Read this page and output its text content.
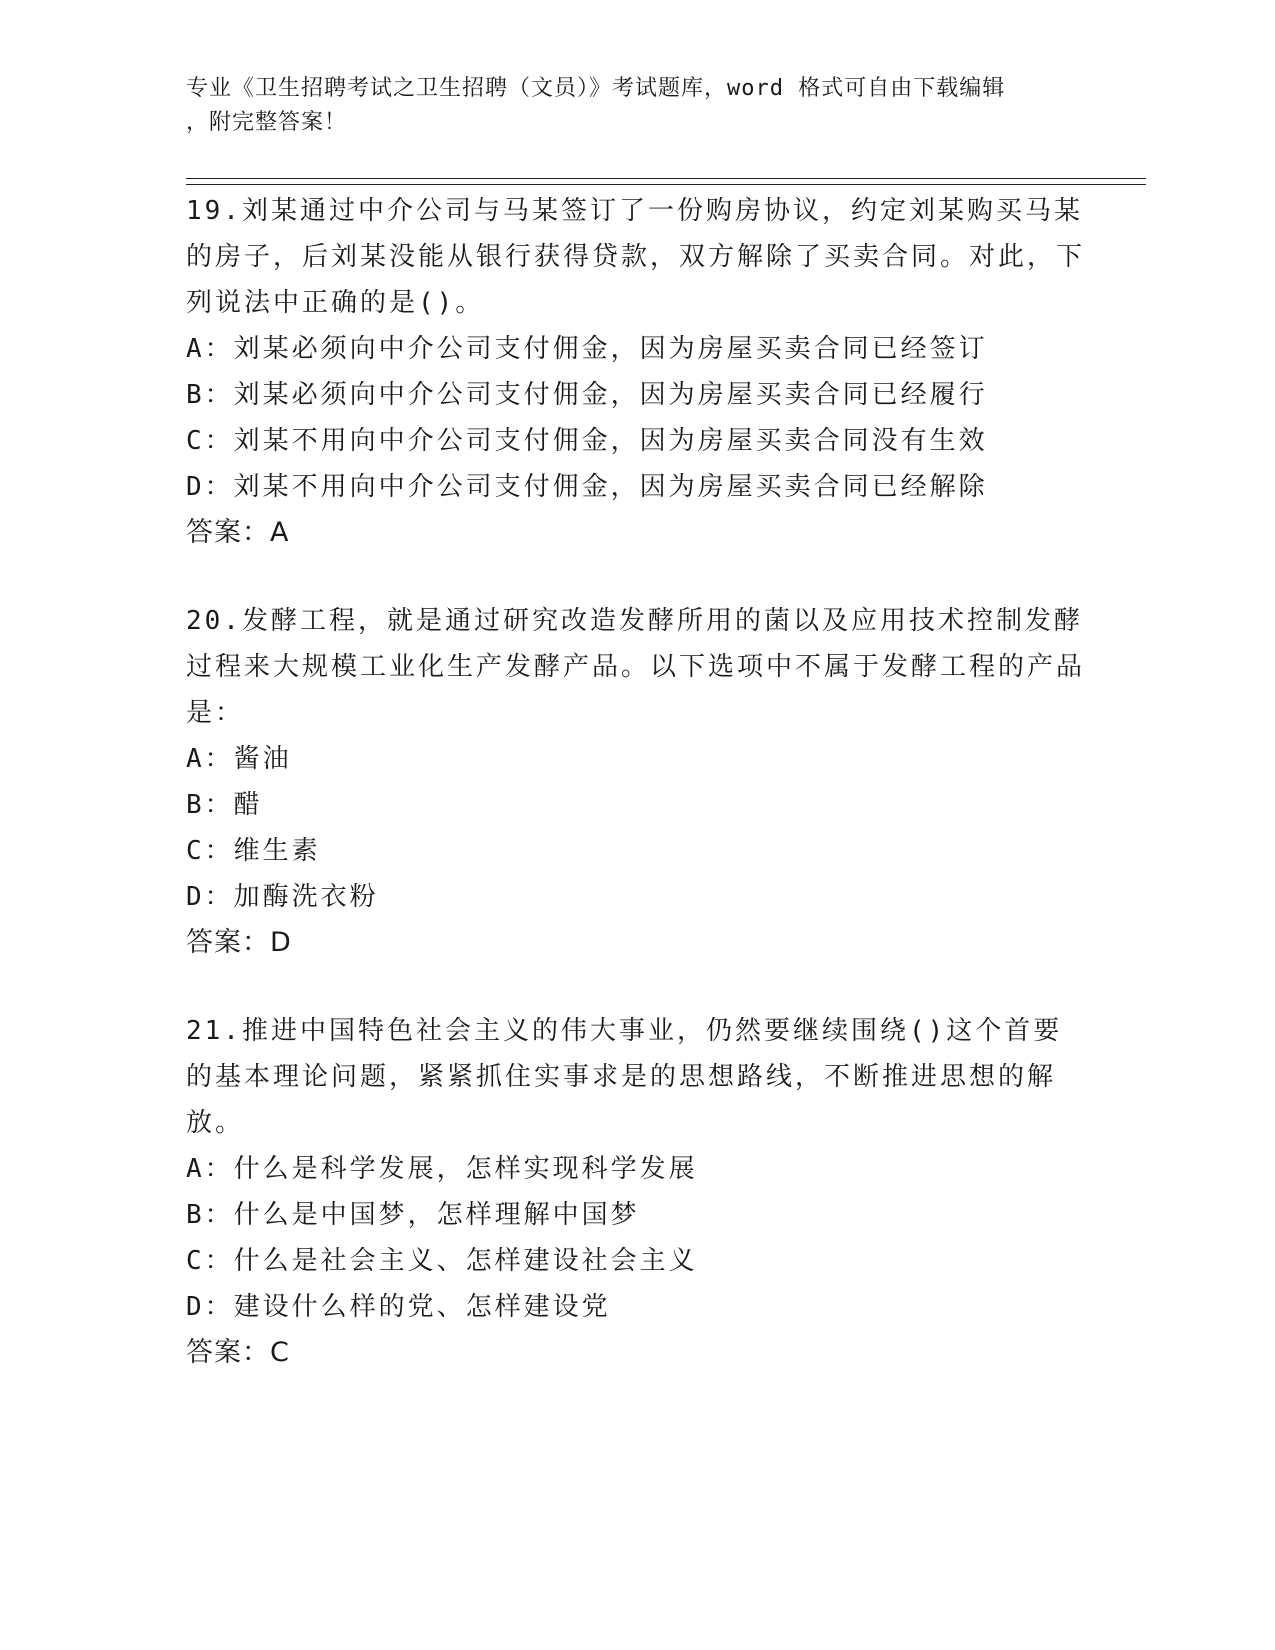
专业《卫生招聘考试之卫生招聘（文员）》考试题库，word 格式可自由下载编辑
，附完整答案！

19.刘某通过中介公司与马某签订了一份购房协议，约定刘某购买马某的房子，后刘某没能从银行获得贷款，双方解除了买卖合同。对此，下列说法中正确的是()。

A：刘某必须向中介公司支付佣金，因为房屋买卖合同已经签订

B：刘某必须向中介公司支付佣金，因为房屋买卖合同已经履行

C：刘某不用向中介公司支付佣金，因为房屋买卖合同没有生效

D：刘某不用向中介公司支付佣金，因为房屋买卖合同已经解除

答案：A

20.发酵工程，就是通过研究改造发酵所用的菌以及应用技术控制发酵过程来大规模工业化生产发酵产品。以下选项中不属于发酵工程的产品是：

A：酱油

B：醋

C：维生素

D：加酶洗衣粉

答案：D

21.推进中国特色社会主义的伟大事业，仍然要继续围绕()这个首要的基本理论问题，紧紧抓住实事求是的思想路线，不断推进思想的解放。

A：什么是科学发展，怎样实现科学发展

B：什么是中国梦，怎样理解中国梦

C：什么是社会主义、怎样建设社会主义

D：建设什么样的党、怎样建设党

答案：C
